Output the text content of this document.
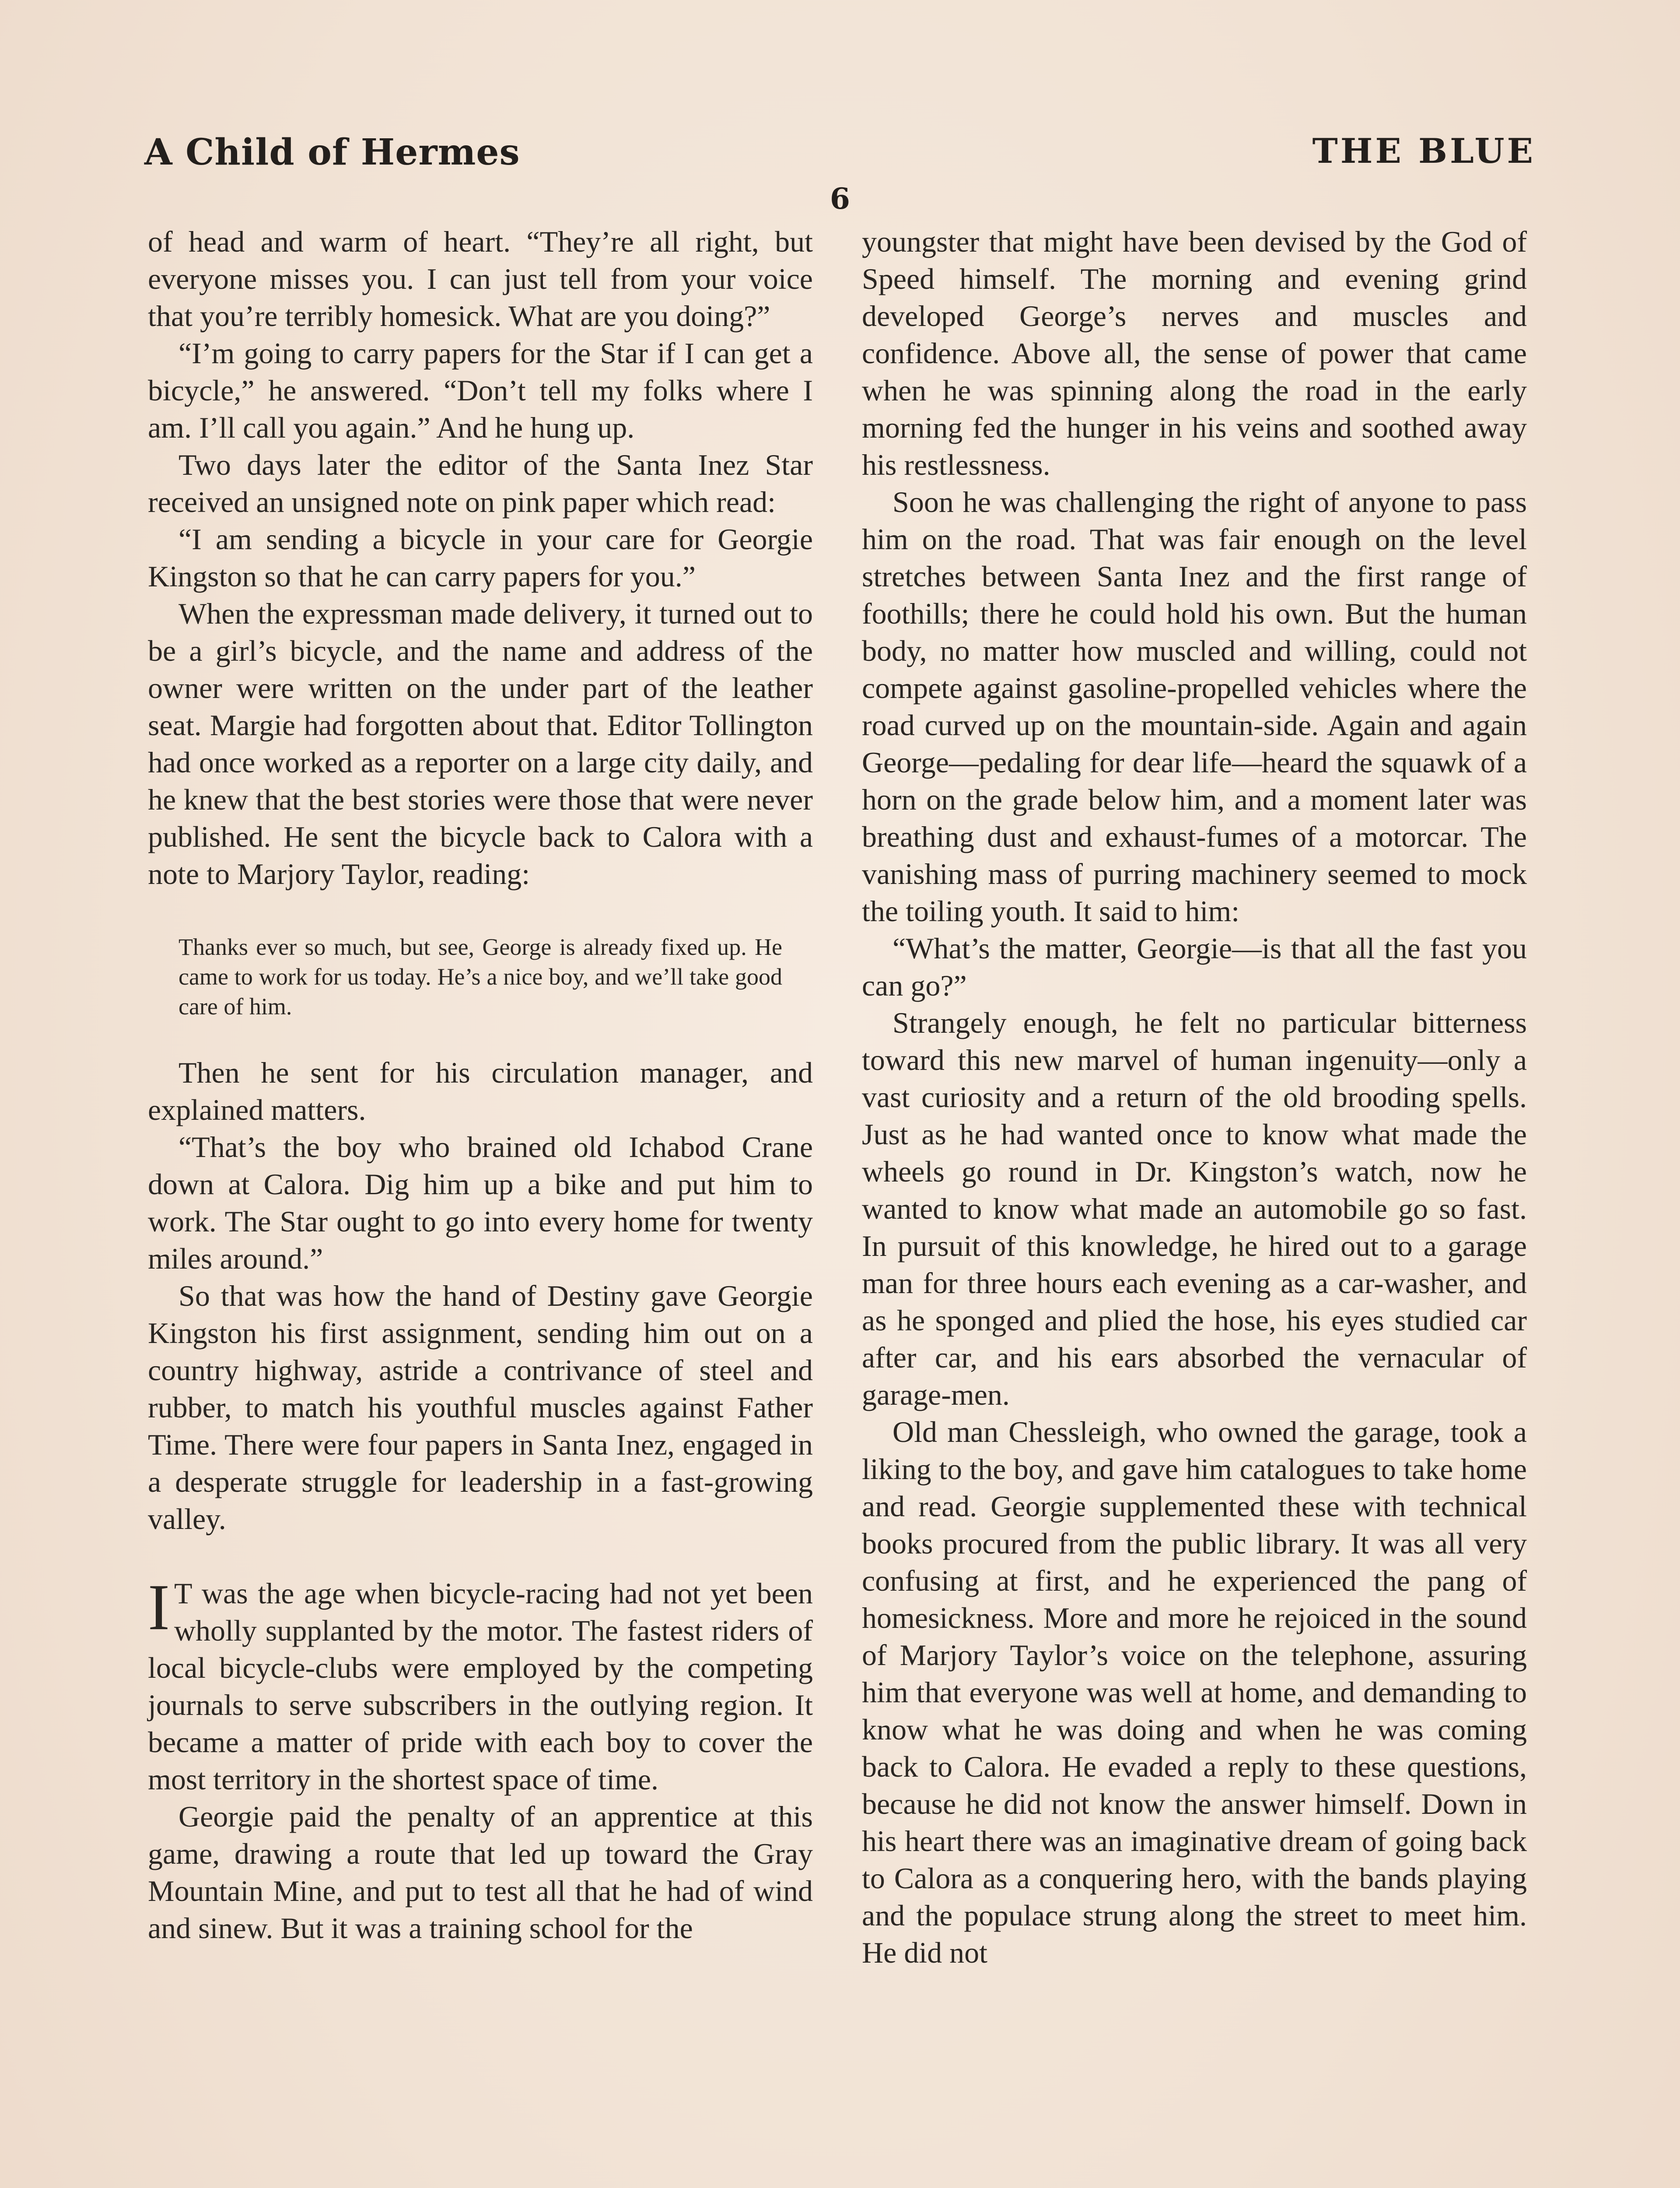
A Child of Hermes	THE BLUE
6

of head and warm of heart. “They’re all right, but everyone misses you. I can just tell from your voice that you’re terribly homesick. What are you doing?”

“I’m going to carry papers for the Star if I can get a bicycle,” he answered. “Don’t tell my folks where I am. I’ll call you again.” And he hung up.

Two days later the editor of the Santa Inez Star received an unsigned note on pink paper which read:

“I am sending a bicycle in your care for Georgie Kingston so that he can carry papers for you.”

When the expressman made delivery, it turned out to be a girl’s bicycle, and the name and address of the owner were written on the under part of the leather seat. Margie had forgotten about that. Editor Tollington had once worked as a reporter on a large city daily, and he knew that the best stories were those that were never published. He sent the bicycle back to Calora with a note to Marjory Taylor, reading:

Thanks ever so much, but see, George is already fixed up. He came to work for us today. He’s a nice boy, and we’ll take good care of him.

Then he sent for his circulation manager, and explained matters.

“That’s the boy who brained old Ichabod Crane down at Calora. Dig him up a bike and put him to work. The Star ought to go into every home for twenty miles around.”

So that was how the hand of Destiny gave Georgie Kingston his first assignment, sending him out on a country highway, astride a contrivance of steel and rubber, to match his youthful muscles against Father Time. There were four papers in Santa Inez, engaged in a desperate struggle for leadership in a fast-growing valley.

I T was the age when bicycle-racing had not yet been wholly supplanted by the motor. The fastest riders of local bicycle-clubs were employed by the competing journals to serve subscribers in the outlying region. It became a matter of pride with each boy to cover the most territory in the shortest space of time.

Georgie paid the penalty of an apprentice at this game, drawing a route that led up toward the Gray Mountain Mine, and put to test all that he had of wind and sinew. But it was a training school for the

youngster that might have been devised by the God of Speed himself. The morning and evening grind developed George’s nerves and muscles and confidence. Above all, the sense of power that came when he was spinning along the road in the early morning fed the hunger in his veins and soothed away his restlessness.

Soon he was challenging the right of anyone to pass him on the road. That was fair enough on the level stretches between Santa Inez and the first range of foothills; there he could hold his own. But the human body, no matter how muscled and willing, could not compete against gasoline-propelled vehicles where the road curved up on the mountain-side. Again and again George—pedaling for dear life—heard the squawk of a horn on the grade below him, and a moment later was breathing dust and exhaust-fumes of a motorcar. The vanishing mass of purring machinery seemed to mock the toiling youth. It said to him:

“What’s the matter, Georgie—is that all the fast you can go?”

Strangely enough, he felt no particular bitterness toward this new marvel of human ingenuity—only a vast curiosity and a return of the old brooding spells. Just as he had wanted once to know what made the wheels go round in Dr. Kingston’s watch, now he wanted to know what made an automobile go so fast. In pursuit of this knowledge, he hired out to a garage man for three hours each evening as a car-washer, and as he sponged and plied the hose, his eyes studied car after car, and his ears absorbed the vernacular of garage-men.

Old man Chessleigh, who owned the garage, took a liking to the boy, and gave him catalogues to take home and read. Georgie supplemented these with technical books procured from the public library. It was all very confusing at first, and he experienced the pang of homesickness. More and more he rejoiced in the sound of Marjory Taylor’s voice on the telephone, assuring him that everyone was well at home, and demanding to know what he was doing and when he was coming back to Calora. He evaded a reply to these questions, because he did not know the answer himself. Down in his heart there was an imaginative dream of going back to Calora as a conquering hero, with the bands playing and the populace strung along the street to meet him. He did not
